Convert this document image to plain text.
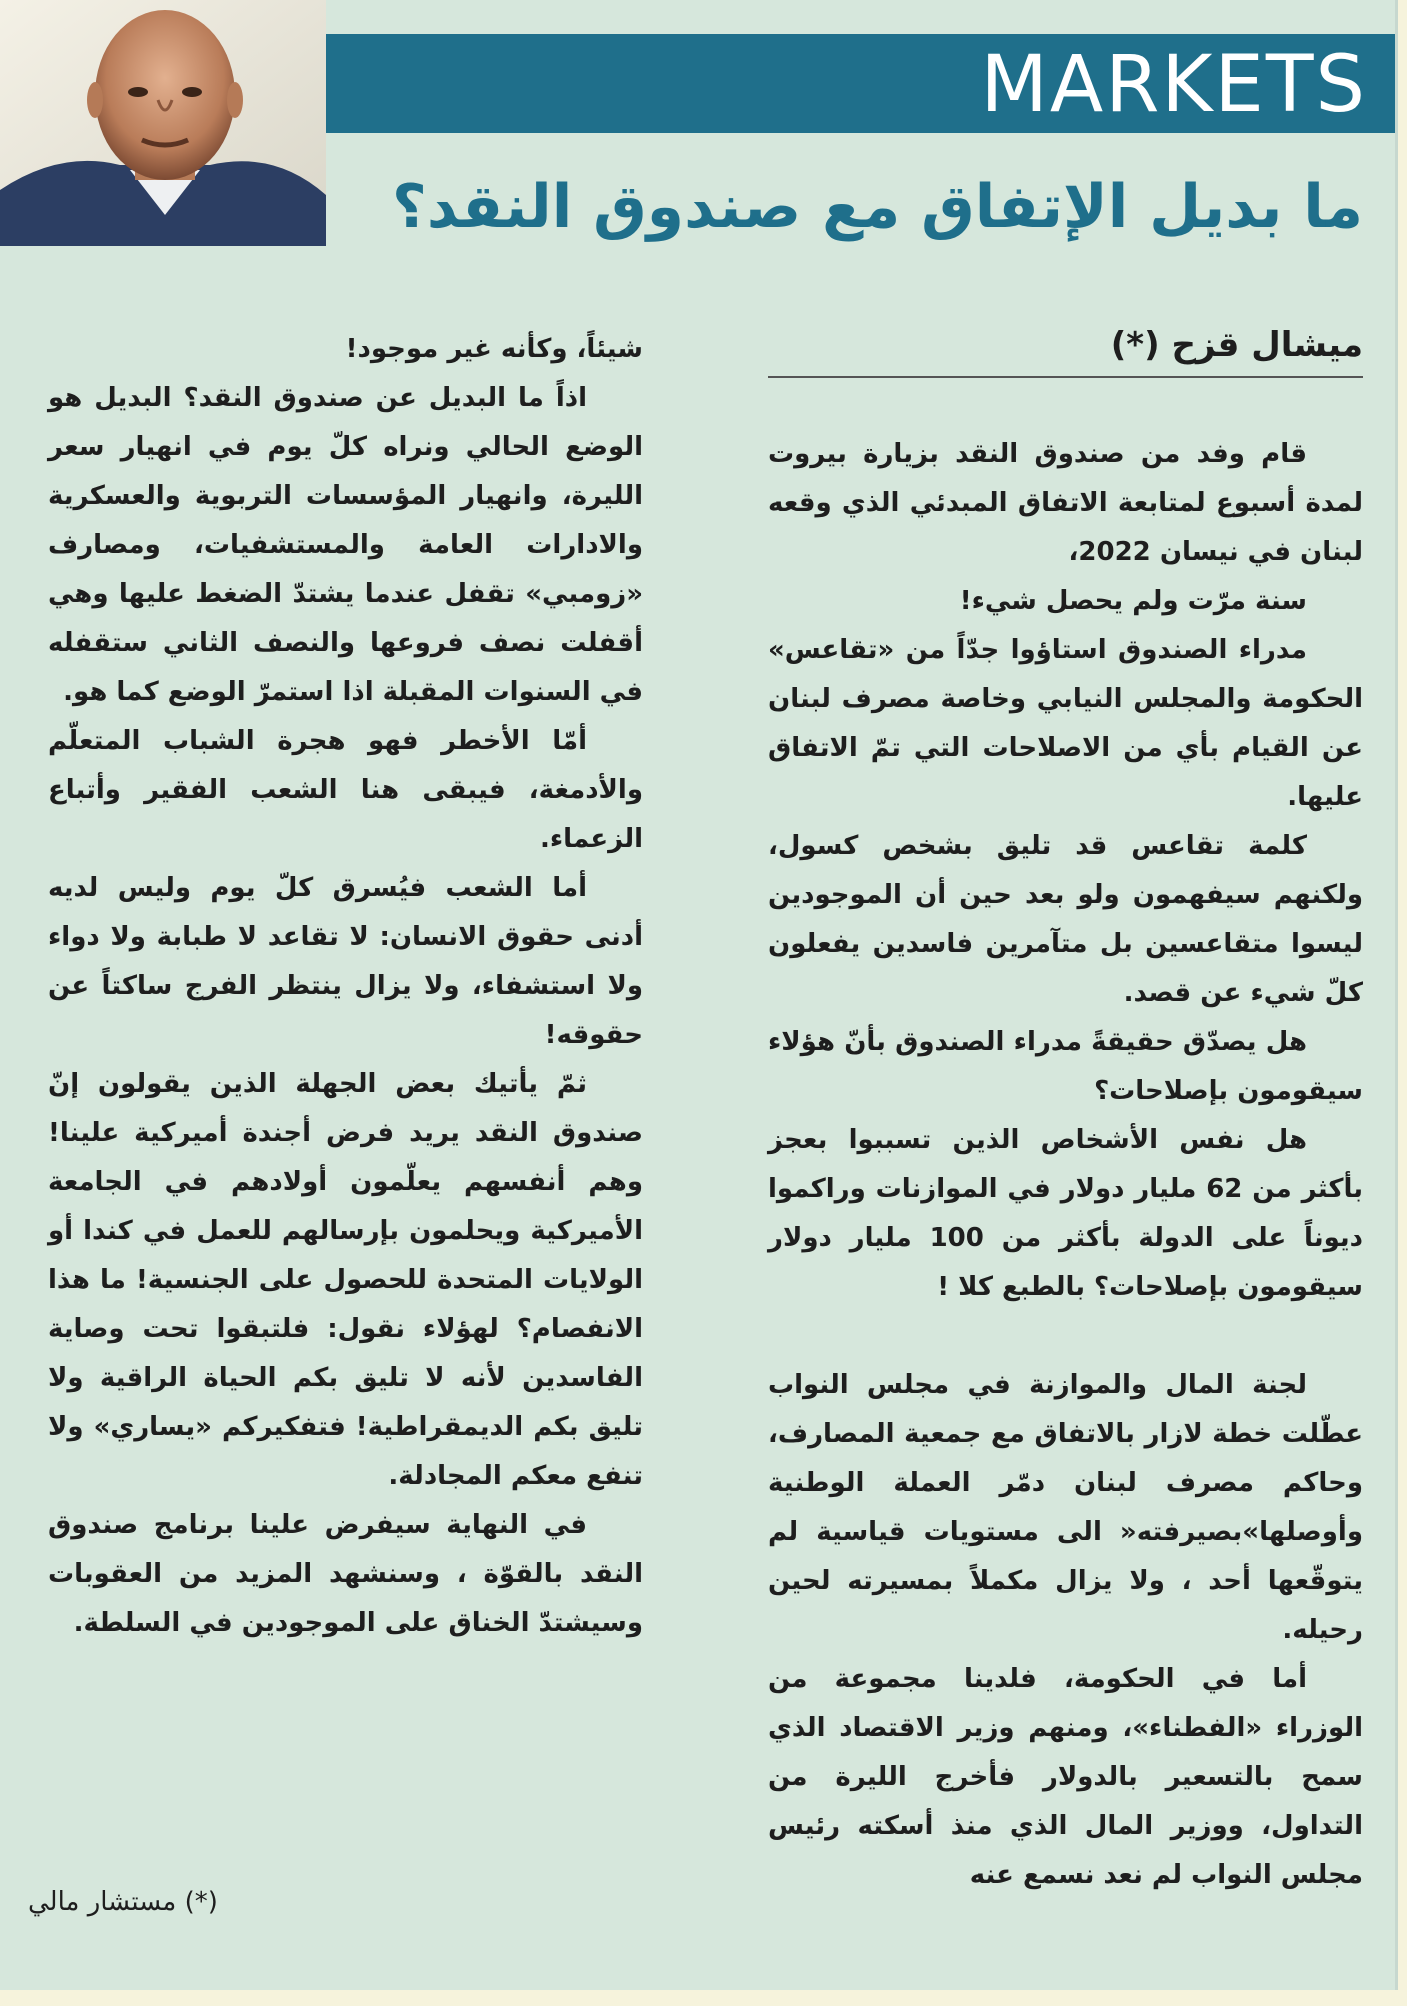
MARKETS
ما بديل الإتفاق مع صندوق النقد؟
ميشال قزح (*)

قام وفد من صندوق النقد بزيارة بيروت لمدة أسبوع لمتابعة الاتفاق المبدئي الذي وقعه لبنان في نيسان 2022،

سنة مرّت ولم يحصل شيء!

مدراء الصندوق استاؤوا جدّاً من «تقاعس» الحكومة والمجلس النيابي وخاصة مصرف لبنان عن القيام بأي من الاصلاحات التي تمّ الاتفاق عليها.

كلمة تقاعس قد تليق بشخص كسول، ولكنهم سيفهمون ولو بعد حين أن الموجودين ليسوا متقاعسين بل متآمرين فاسدين يفعلون كلّ شيء عن قصد.

هل يصدّق حقيقةً مدراء الصندوق بأنّ هؤلاء سيقومون بإصلاحات؟

هل نفس الأشخاص الذين تسببوا بعجز بأكثر من 62 مليار دولار في الموازنات وراكموا ديوناً على الدولة بأكثر من 100 مليار دولار سيقومون بإصلاحات؟ بالطبع كلا !

لجنة المال والموازنة في مجلس النواب عطّلت خطة لازار بالاتفاق مع جمعية المصارف، وحاكم مصرف لبنان دمّر العملة الوطنية وأوصلها»بصيرفته« الى مستويات قياسية لم يتوقّعها أحد ، ولا يزال مكملاً بمسيرته لحين رحيله.

أما في الحكومة، فلدينا مجموعة من الوزراء «الفطناء»، ومنهم وزير الاقتصاد الذي سمح بالتسعير بالدولار فأخرج الليرة من التداول، ووزير المال الذي منذ أسكته رئيس مجلس النواب لم نعد نسمع عنه

شيئاً، وكأنه غير موجود!

اذاً ما البديل عن صندوق النقد؟ البديل هو الوضع الحالي ونراه كلّ يوم في انهيار سعر الليرة، وانهيار المؤسسات التربوية والعسكرية والادارات العامة والمستشفيات، ومصارف «زومبي» تقفل عندما يشتدّ الضغط عليها وهي أقفلت نصف فروعها والنصف الثاني ستقفله في السنوات المقبلة اذا استمرّ الوضع كما هو.

أمّا الأخطر فهو هجرة الشباب المتعلّم والأدمغة، فيبقى هنا الشعب الفقير وأتباع الزعماء.

أما الشعب فيُسرق كلّ يوم وليس لديه أدنى حقوق الانسان: لا تقاعد لا طبابة ولا دواء ولا استشفاء، ولا يزال ينتظر الفرج ساكتاً عن حقوقه!

ثمّ يأتيك بعض الجهلة الذين يقولون إنّ صندوق النقد يريد فرض أجندة أميركية علينا! وهم أنفسهم يعلّمون أولادهم في الجامعة الأميركية ويحلمون بإرسالهم للعمل في كندا أو الولايات المتحدة للحصول على الجنسية! ما هذا الانفصام؟ لهؤلاء نقول: فلتبقوا تحت وصاية الفاسدين لأنه لا تليق بكم الحياة الراقية ولا تليق بكم الديمقراطية! فتفكيركم «يساري» ولا تنفع معكم المجادلة.

في النهاية سيفرض علينا برنامج صندوق النقد بالقوّة ، وسنشهد المزيد من العقوبات وسيشتدّ الخناق على الموجودين في السلطة.

(*) مستشار مالي
